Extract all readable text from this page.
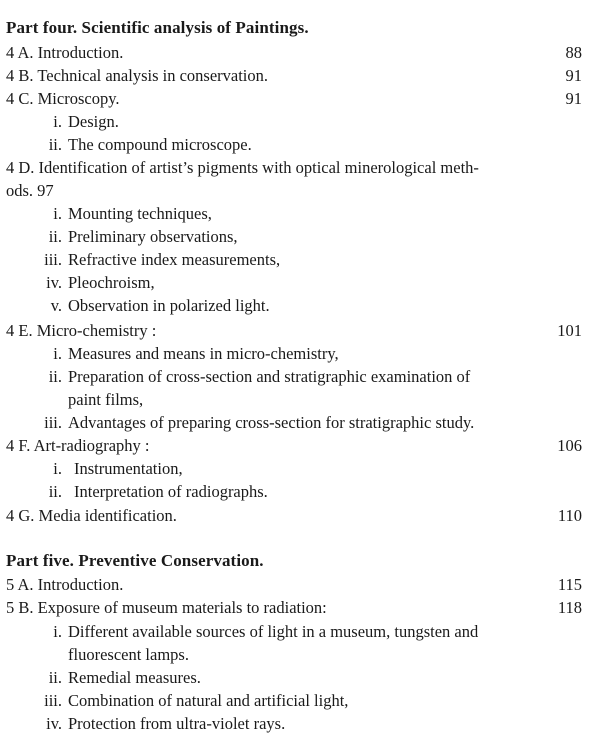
Part four. Scientific analysis of Paintings.
4 A. Introduction.	88
4 B. Technical analysis in conservation.	91
4 C. Microscopy.	91
i. Design.
ii. The compound microscope.
4 D. Identification of artist’s pigments with optical minerological meth-
ods. 97
i. Mounting techniques,
ii. Preliminary observations,
iii. Refractive index measurements,
iv. Pleochroism,
v. Observation in polarized light.
4 E. Micro-chemistry :	101
i. Measures and means in micro-chemistry,
ii. Preparation of cross-section and stratigraphic examination of
paint films,
iii. Advantages of preparing cross-section for stratigraphic study.
4 F. Art-radiography :	106
i. Instrumentation,
ii. Interpretation of radiographs.
4 G. Media identification.	110
Part five. Preventive Conservation.
5 A. Introduction.	115
5 B. Exposure of museum materials to radiation:	118
i. Different available sources of light in a museum, tungsten and
fluorescent lamps.
ii. Remedial measures.
iii. Combination of natural and artificial light,
iv. Protection from ultra-violet rays.
